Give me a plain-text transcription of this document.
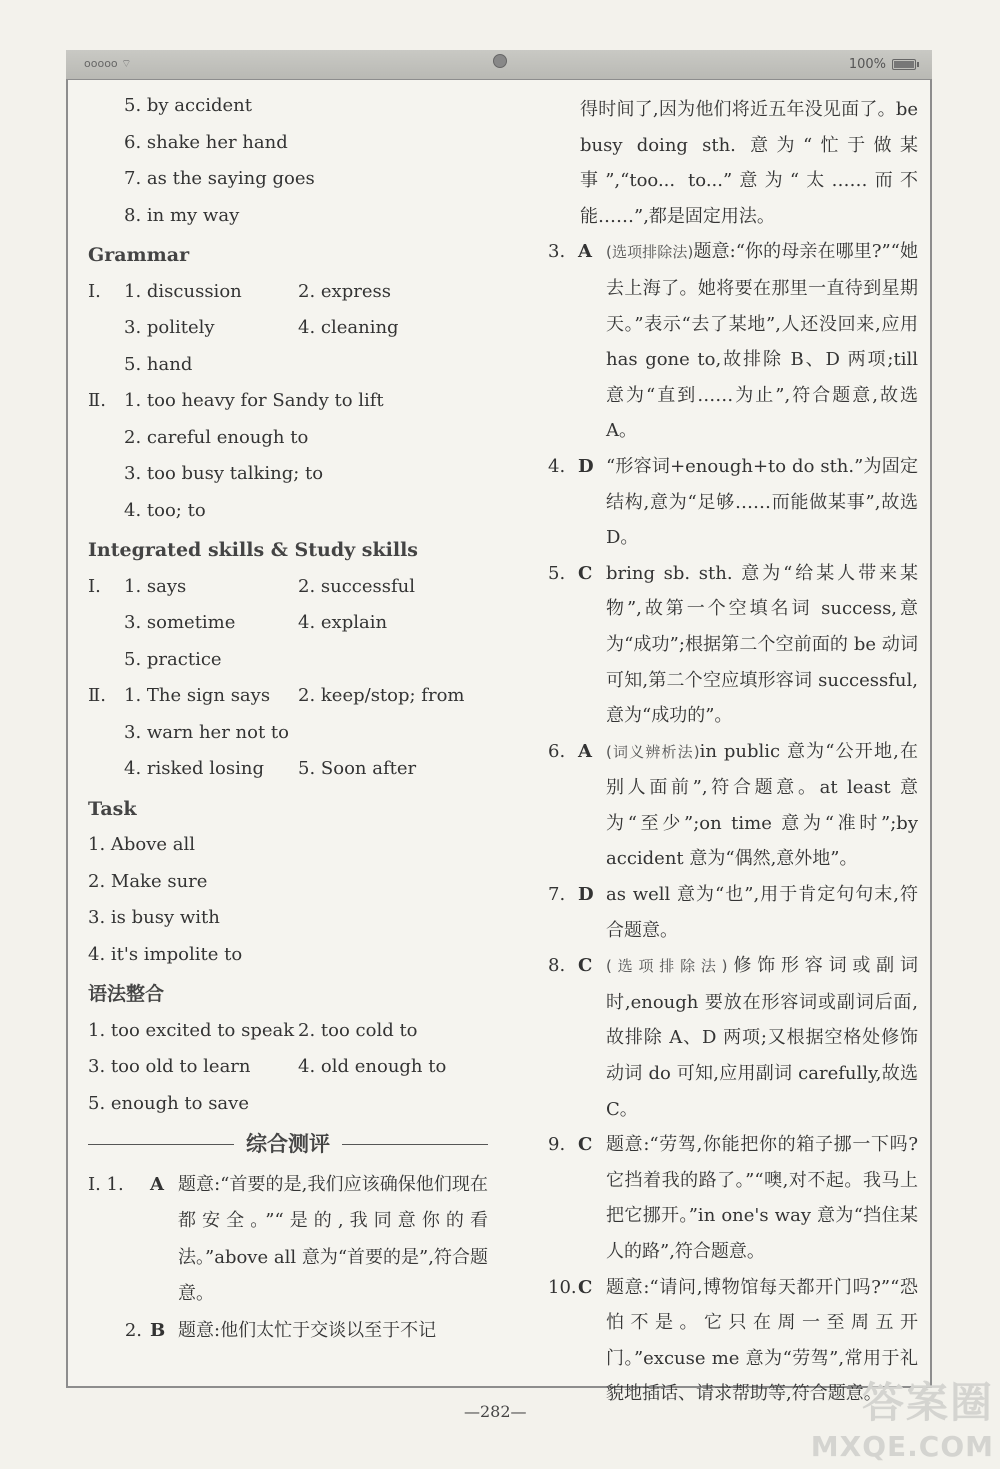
ooooo ⌔	100%
5. by accident
6. shake her hand
7. as the saying goes
8. in my way
Grammar
Ⅰ. 1. discussion	2. express
3. politely	4. cleaning
5. hand
Ⅱ. 1. too heavy for Sandy to lift
2. careful enough to
3. too busy talking; to
4. too; to
Integrated skills & Study skills
Ⅰ. 1. says	2. successful
3. sometime	4. explain
5. practice
Ⅱ. 1. The sign says 2. keep/stop; from
3. warn her not to
4. risked losing 5. Soon after
Task
1. Above all
2. Make sure
3. is busy with
4. it's impolite to
语法整合
1. too excited to speak 2. too cold to
3. too old to learn	4. old enough to
5. enough to save
综合测评
Ⅰ. 1.	A 题意:“首要的是,我们应该确保他们现在都安全。”“是的,我同意你的看法。”above all 意为“首要的是”,符合题意。
2. B 题意:他们太忙于交谈以至于不记
得时间了,因为他们将近五年没见面了。be busy doing sth. 意为“忙于做某事”,“too... to...”意为“太……而不能……”,都是固定用法。
3. A (选项排除法)题意:“你的母亲在哪里?”“她去上海了。她将要在那里一直待到星期天。”表示“去了某地”,人还没回来,应用 has gone to,故排除 B、D 两项;till 意为“直到……为止”,符合题意,故选 A。
4. D “形容词+enough+to do sth.”为固定结构,意为“足够……而能做某事”,故选 D。
5. C bring sb. sth. 意为“给某人带来某物”,故第一个空填名词 success,意为“成功”;根据第二个空前面的 be 动词可知,第二个空应填形容词 successful,意为“成功的”。
6. A (词义辨析法)in public 意为“公开地,在别人面前”,符合题意。at least 意为“至少”;on time 意为“准时”;by accident 意为“偶然,意外地”。
7. D as well 意为“也”,用于肯定句句末,符合题意。
8. C (选项排除法)修饰形容词或副词时,enough 要放在形容词或副词后面,故排除 A、D 两项;又根据空格处修饰动词 do 可知,应用副词 carefully,故选 C。
9. C 题意:“劳驾,你能把你的箱子挪一下吗?它挡着我的路了。”“噢,对不起。我马上把它挪开。”in one's way 意为“挡住某人的路”,符合题意。
10. C 题意:“请问,博物馆每天都开门吗?”“恐怕不是。它只在周一至周五开门。”excuse me 意为“劳驾”,常用于礼貌地插话、请求帮助等,符合题意。
—282—	答案圈
MXQE.COM
